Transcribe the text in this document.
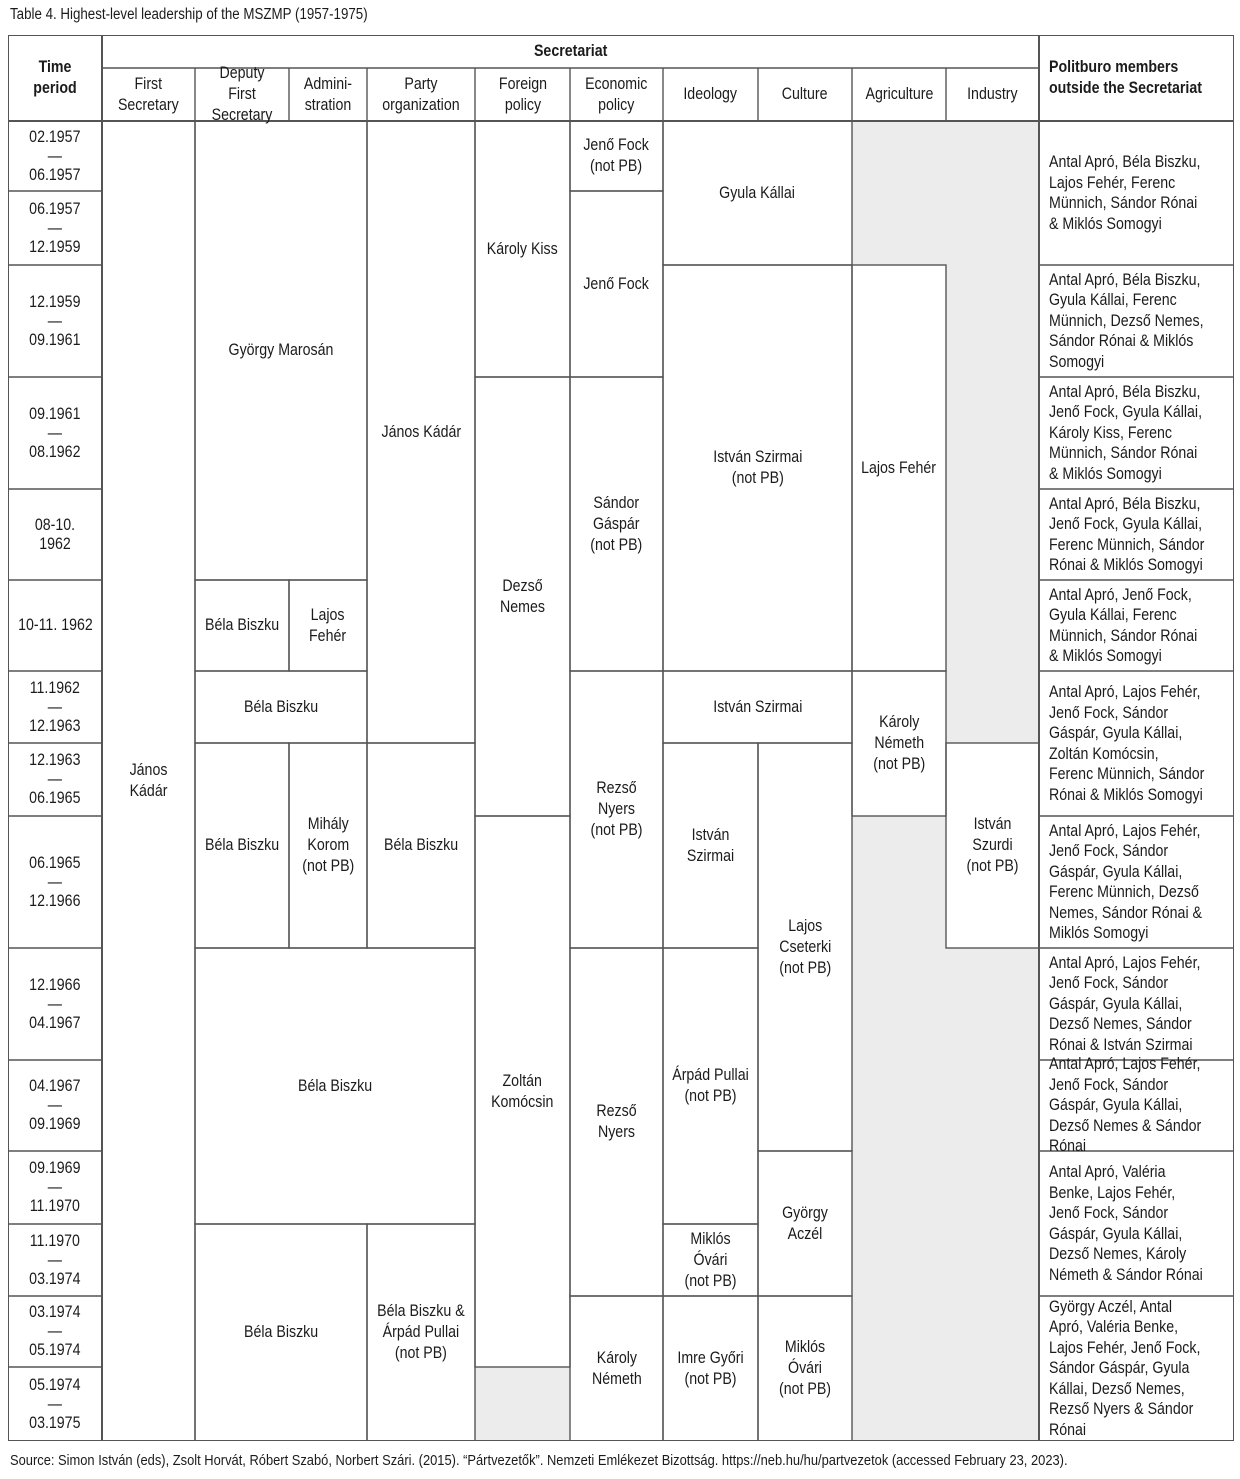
Table 4. Highest-level leadership of the MSZMP (1957-1975)
Time period
Secretariat
Politburo members
outside the Secretariat
First
Secretary
Deputy First
Secretary
Admini-
stration
Party
organization
Foreign
policy
Economic
policy
Ideology	Culture Agriculture Industry
02.1957
—
06.1957
06.1957
—
12.1959
12.1959
—
09.1961
09.1961
—
08.1962
08-10. 1962
10-11. 1962
11.1962
—
12.1963
12.1963
—
06.1965
06.1965
—
12.1966
12.1966
—
04.1967
04.1967
—
09.1969
09.1969
—
11.1970
11.1970
—
03.1974
03.1974
—
05.1974
05.1974
—
03.1975
János Kádár
György Marosán
Béla Biszku
Lajos
Fehér
Béla Biszku
Béla Biszku
Mihály
Korom
(not PB)
Béla Biszku
Béla Biszku
János Kádár
Béla Biszku &
Árpád Pullai
(not PB)
Károly Kiss
Dezső Nemes
Zoltán
Komócsin
Jenő Fock
(not PB)
Jenő Fock
Sándor
Gáspár
(not PB)
Rezső Nyers
(not PB)
Rezső Nyers
Károly
Németh
Gyula Kállai
István Szirmai
(not PB)
István Szirmai
István
Szirmai
Árpád Pullai
(not PB)
Miklós Óvári
(not PB)
Imre Győri
(not PB)
Lajos
Cseterki
(not PB)
György Aczél
Miklós Óvári
(not PB)
Lajos Fehér
Károly
Németh
(not PB)
István Szurdi
(not PB)
Béla Biszku
Antal Apró, Béla Biszku, Lajos Fehér, Ferenc Münnich, Sándor Rónai & Miklós Somogyi
Antal Apró, Béla Biszku, Gyula Kállai, Ferenc Münnich, Dezső Nemes, Sándor Rónai & Miklós Somogyi
Antal Apró, Béla Biszku, Jenő Fock, Gyula Kállai, Károly Kiss, Ferenc Münnich, Sándor Rónai & Miklós Somogyi
Antal Apró, Béla Biszku, Jenő Fock, Gyula Kállai, Ferenc Münnich, Sándor Rónai & Miklós Somogyi
Antal Apró, Jenő Fock, Gyula Kállai, Ferenc Münnich, Sándor Rónai & Miklós Somogyi
Antal Apró, Lajos Fehér, Jenő Fock, Sándor Gáspár, Gyula Kállai, Zoltán Komócsin, Ferenc Münnich, Sándor Rónai & Miklós Somogyi
Antal Apró, Lajos Fehér, Jenő Fock, Sándor Gáspár, Gyula Kállai, Ferenc Münnich, Dezső Nemes, Sándor Rónai & Miklós Somogyi
Antal Apró, Lajos Fehér, Jenő Fock, Sándor Gáspár, Gyula Kállai, Dezső Nemes, Sándor Rónai & István Szirmai
Antal Apró, Lajos Fehér, Jenő Fock, Sándor Gáspár, Gyula Kállai, Dezső Nemes & Sándor Rónai
Antal Apró, Valéria Benke, Lajos Fehér, Jenő Fock, Sándor Gáspár, Gyula Kállai, Dezső Nemes, Károly Németh & Sándor Rónai
György Aczél, Antal Apró, Valéria Benke, Lajos Fehér, Jenő Fock, Sándor Gáspár, Gyula Kállai, Dezső Nemes, Rezső Nyers & Sándor Rónai
Source: Simon István (eds), Zsolt Horvát, Róbert Szabó, Norbert Szári. (2015). “Pártvezetők”. Nemzeti Emlékezet Bizottság. https://neb.hu/hu/partvezetok (accessed February 23, 2023).
